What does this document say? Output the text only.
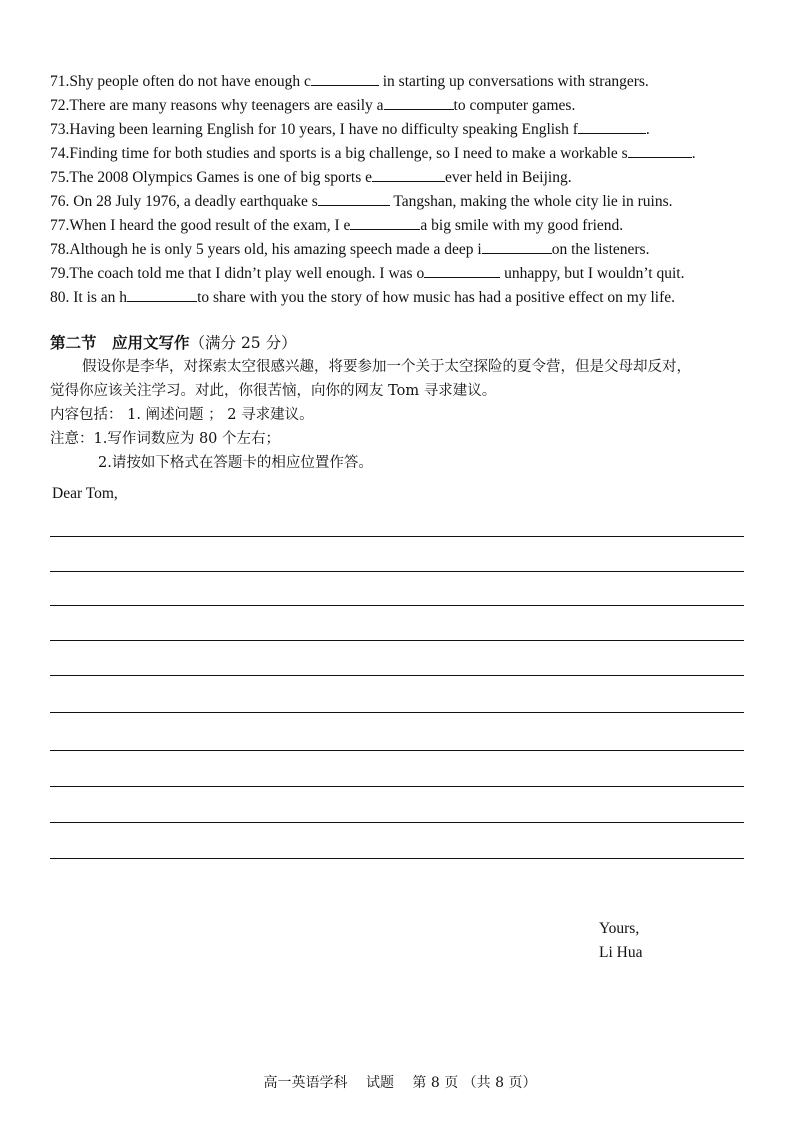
71.Shy people often do not have enough c	in starting up conversations with strangers.
72.There are many reasons why teenagers are easily a	to computer games.
73.Having been learning English for 10 years, I have no difficulty speaking English f	.
74.Finding time for both studies and sports is a big challenge, so I need to make a workable s	.
75.The 2008 Olympics Games is one of big sports e	ever held in Beijing.
76. On 28 July 1976, a deadly earthquake s	Tangshan, making the whole city lie in ruins.
77.When I heard the good result of the exam, I e	a big smile with my good friend.
78.Although he is only 5 years old, his amazing speech made a deep i	on the listeners.
79.The coach told me that I didn’t play well enough. I was o	unhappy, but I wouldn’t quit.
80. It is an h	to share with you the story of how music has had a positive effect on my life.
第二节　应用文写作（满分 25 分）
假设你是李华，对探索太空很感兴趣，将要参加一个关于太空探险的夏令营，但是父母却反对，
觉得你应该关注学习。对此，你很苦恼，向你的网友 Tom 寻求建议。
内容包括： 1. 阐述问题 ； 2 寻求建议。
注意：1.写作词数应为 80 个左右；
2.请按如下格式在答题卡的相应位置作答。
Dear Tom,
Yours,
Li Hua
高一英语学科　 试题　 第 8 页 （共 8 页）
